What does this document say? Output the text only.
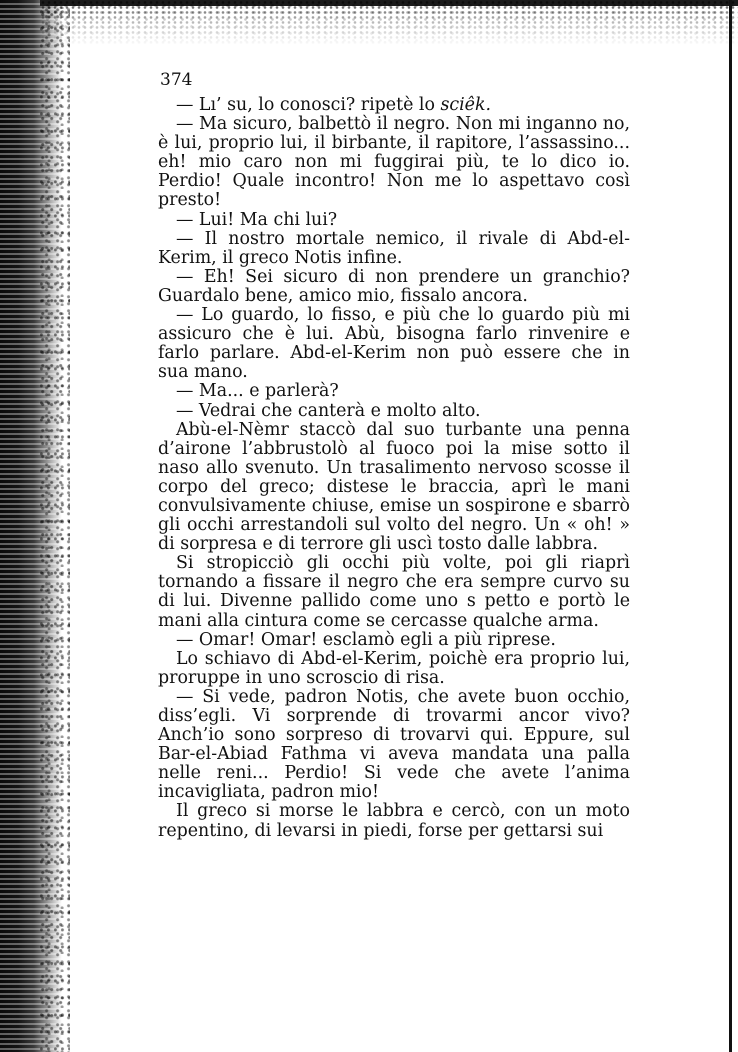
374

— Lı’ su, lo conosci? ripetè lo sciêk.

— Ma sicuro, balbettò il negro. Non mi inganno no, è lui, proprio lui, il birbante, il rapitore, l’assassino... eh! mio caro non mi fuggirai più, te lo dico io. Perdio! Quale incontro! Non me lo aspettavo così presto!

— Lui! Ma chi lui?

— Il nostro mortale nemico, il rivale di Abd-el-Kerim, il greco Notis infine.

— Eh! Sei sicuro di non prendere un granchio? Guardalo bene, amico mio, fissalo ancora.

— Lo guardo, lo fisso, e più che lo guardo più mi assicuro che è lui. Abù, bisogna farlo rinvenire e farlo parlare. Abd-el-Kerim non può essere che in sua mano.

— Ma... e parlerà?

— Vedrai che canterà e molto alto.

Abù-el-Nèmr staccò dal suo turbante una penna d’airone l’abbrustolò al fuoco poi la mise sotto il naso allo svenuto. Un trasalimento nervoso scosse il corpo del greco; distese le braccia, aprì le mani convulsivamente chiuse, emise un sospirone e sbarrò gli occhi arrestandoli sul volto del negro. Un « oh! » di sorpresa e di terrore gli uscì tosto dalle labbra.

Si stropicciò gli occhi più volte, poi gli riaprì tornando a fissare il negro che era sempre curvo su di lui. Divenne pallido come uno s petto e portò le mani alla cintura come se cercasse qualche arma.

— Omar! Omar! esclamò egli a più riprese.

Lo schiavo di Abd-el-Kerim, poichè era proprio lui, proruppe in uno scroscio di risa.

— Si vede, padron Notis, che avete buon occhio, diss’egli. Vi sorprende di trovarmi ancor vivo? Anch’io sono sorpreso di trovarvi qui. Eppure, sul Bar-el-Abiad Fathma vi aveva mandata una palla nelle reni... Perdio! Si vede che avete l’anima incavigliata, padron mio!

Il greco si morse le labbra e cercò, con un moto repentino, di levarsi in piedi, forse per gettarsi sui
